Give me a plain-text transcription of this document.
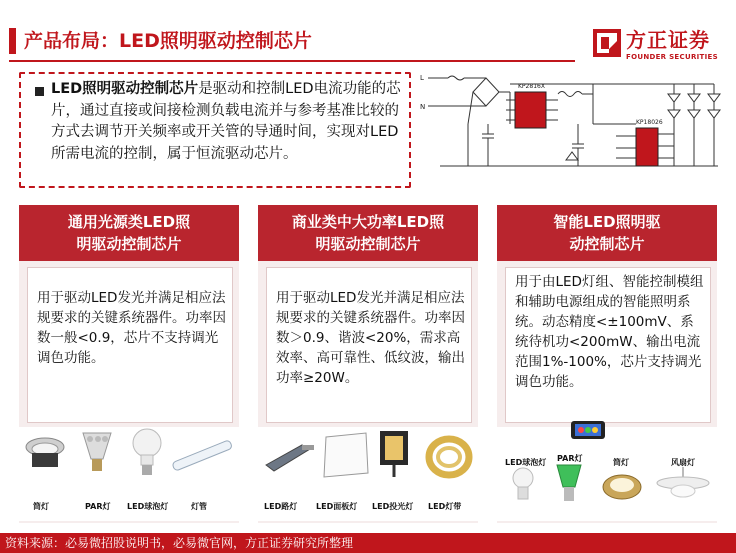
产品布局：LED照明驱动控制芯片	方正证券
FOUNDER SECURITIES
LED照明驱动控制芯片是驱动和控制LED电流功能的芯片，通过直接或间接检测负载电流并与参考基准比较的方式去调节开关频率或开关管的导通时间，实现对LED所需电流的控制，属于恒流驱动芯片。
KP2816X
KP18026
L
N
通用光源类LED照明驱动控制芯片
用于驱动LED发光并满足相应法规要求的关键系统器件。功率因数一般<0.9，芯片不支持调光调色功能。
筒灯	PAR灯 LED球泡灯	灯管
商业类中大功率LED照明驱动控制芯片
用于驱动LED发光并满足相应法规要求的关键系统器件。功率因数＞0.9、谐波<20%，需求高效率、高可靠性、低纹波，输出功率≥20W。
LED路灯 LED面板灯 LED投光灯 LED灯带
智能LED照明驱动控制芯片
用于由LED灯组、智能控制模组和辅助电源组成的智能照明系统。动态精度<±100mV、系统待机功<200mW、输出电流范围1%-100%，芯片支持调光调色功能。
LED球泡灯 PAR灯	筒灯	风扇灯
资料来源：必易微招股说明书，必易微官网，方正证券研究所整理
